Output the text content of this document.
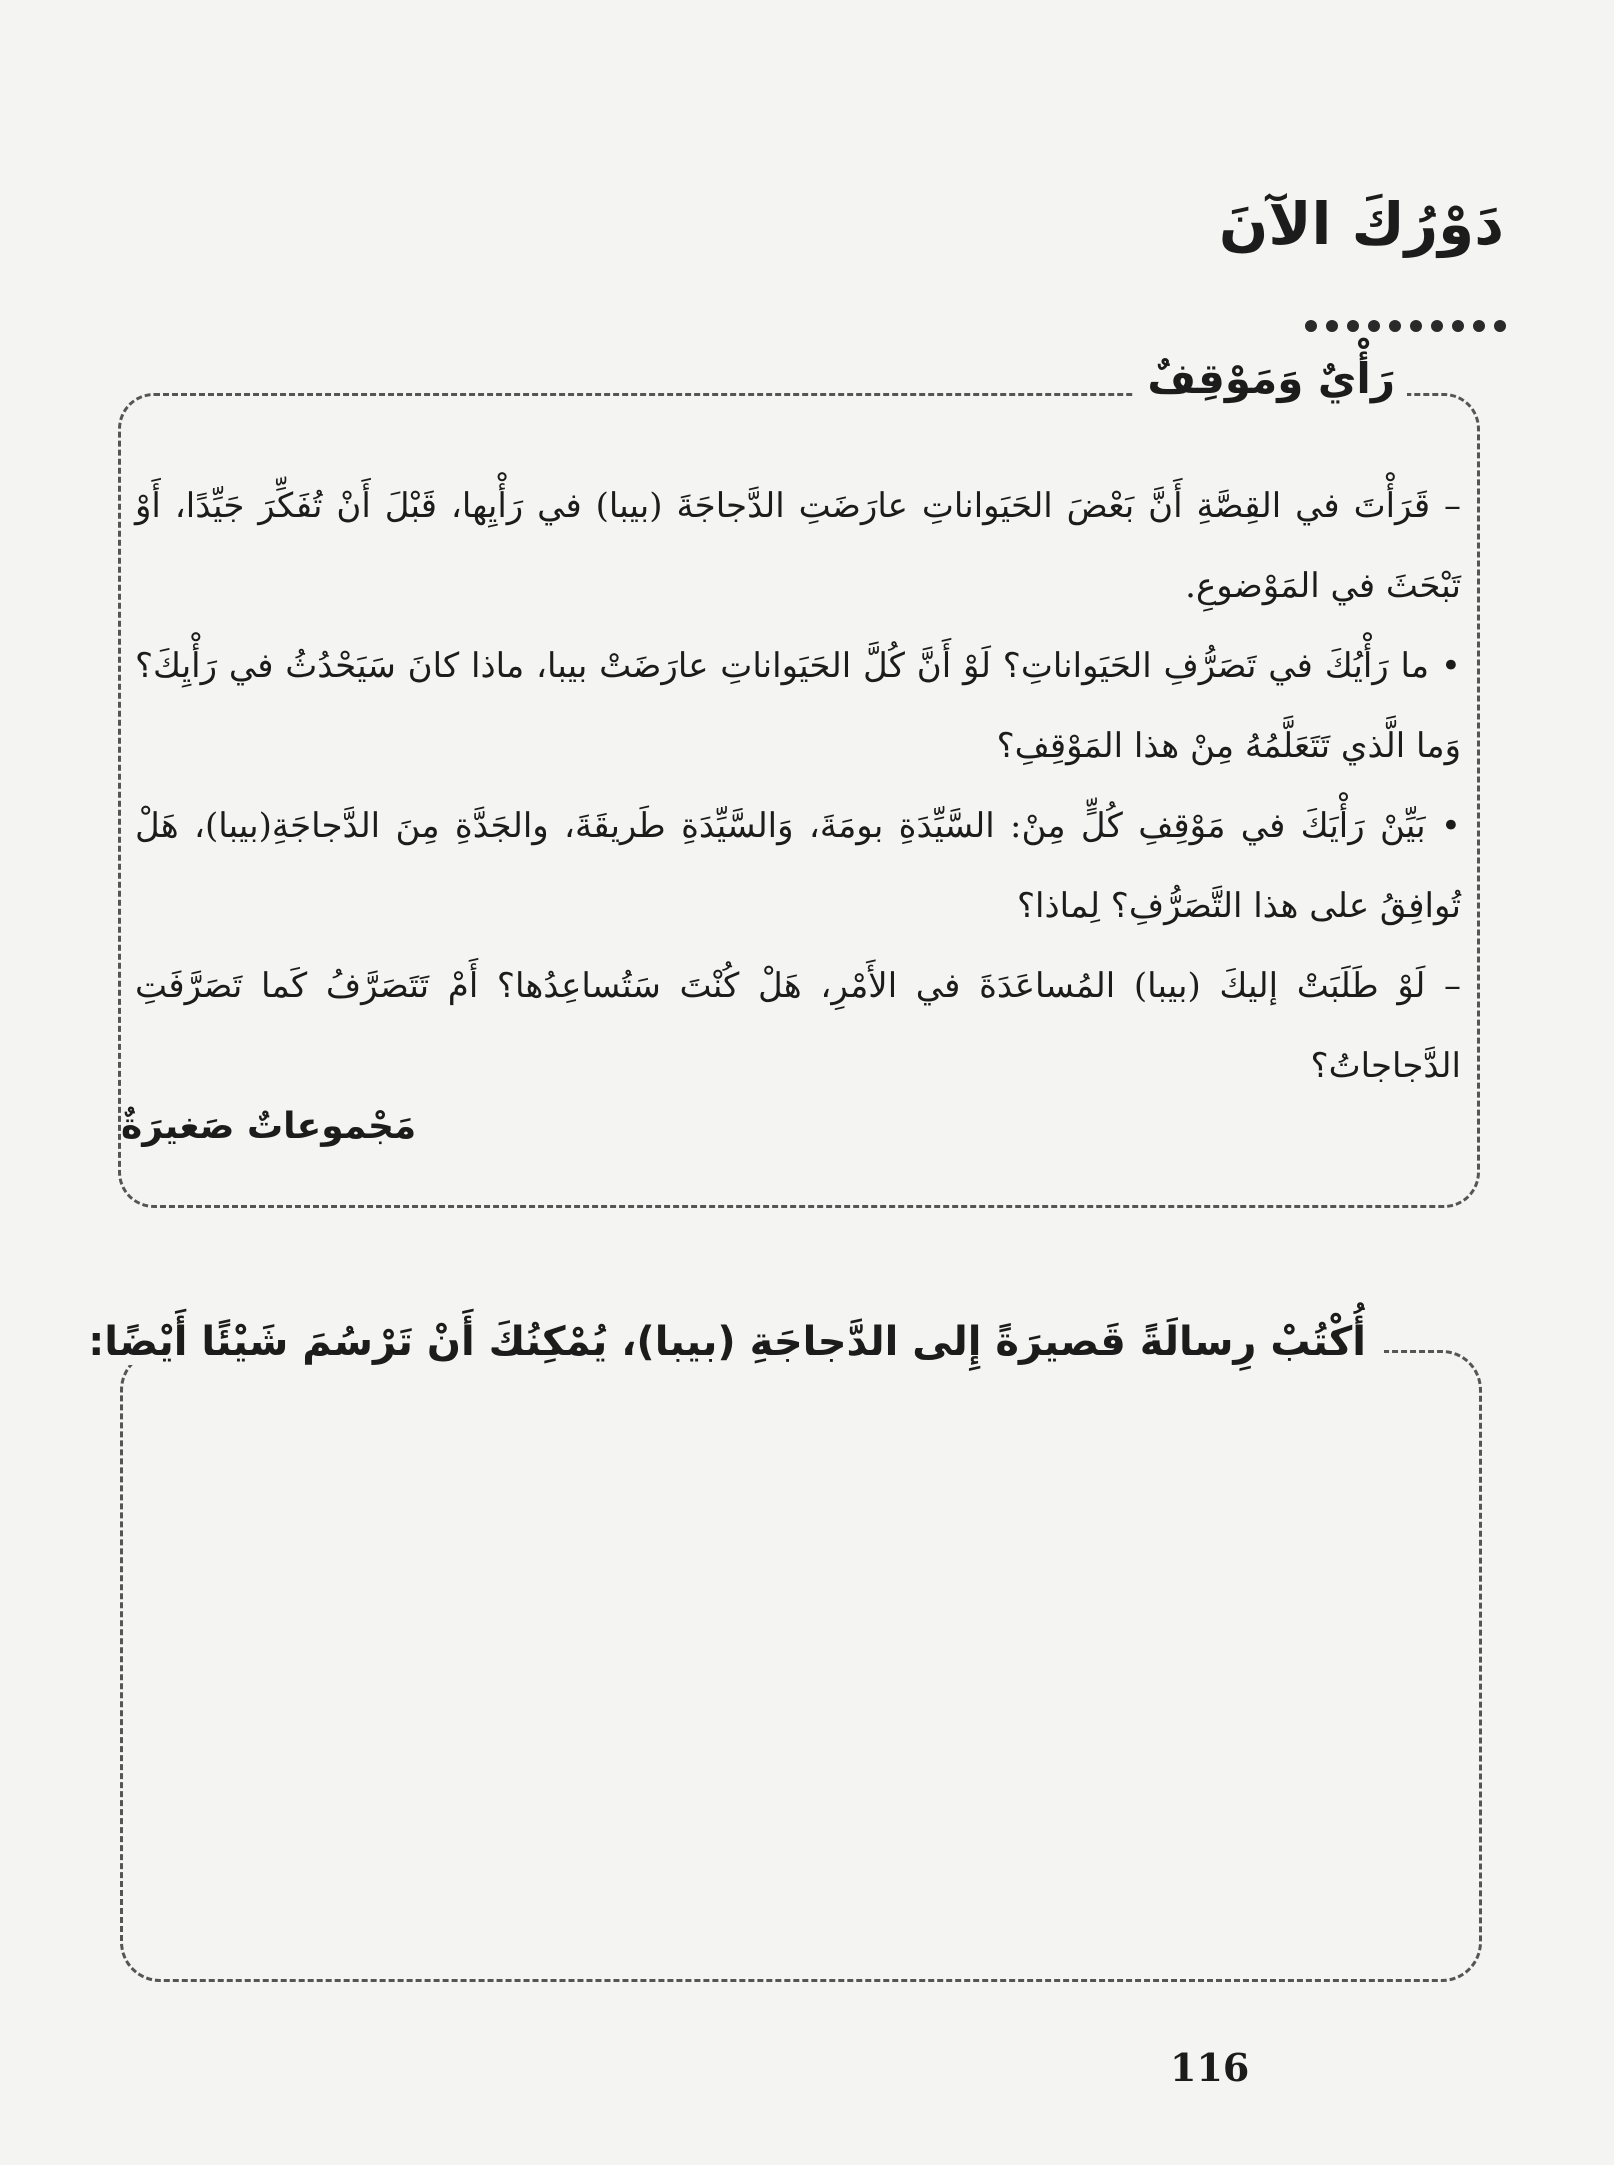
دَوْرُكَ الآنَ
رَأْيٌ وَمَوْقِفٌ

– قَرَأْتَ في القِصَّةِ أَنَّ بَعْضَ الحَيَواناتِ عارَضَتِ الدَّجاجَةَ (بيبا) في رَأْيِها، قَبْلَ أَنْ تُفَكِّرَ جَيِّدًا، أَوْ تَبْحَثَ في المَوْضوعِ.

• ما رَأْيُكَ في تَصَرُّفِ الحَيَواناتِ؟ لَوْ أَنَّ كُلَّ الحَيَواناتِ عارَضَتْ بيبا، ماذا كانَ سَيَحْدُثُ في رَأْيِكَ؟ وَما الَّذي تَتَعَلَّمُهُ مِنْ هذا المَوْقِفِ؟

• بَيِّنْ رَأْيَكَ في مَوْقِفِ كُلٍّ مِنْ: السَّيِّدَةِ بومَةَ، وَالسَّيِّدَةِ طَريقَةَ، والجَدَّةِ مِنَ الدَّجاجَةِ(بيبا)، هَلْ تُوافِقُ على هذا التَّصَرُّفِ؟ لِماذا؟

– لَوْ طَلَبَتْ إليكَ (بيبا) المُساعَدَةَ في الأَمْرِ، هَلْ كُنْتَ سَتُساعِدُها؟ أَمْ تَتَصَرَّفُ كَما تَصَرَّفَتِ الدَّجاجاتُ؟

مَجْموعاتٌ صَغيرَةٌ
أُكْتُبْ رِسالَةً قَصيرَةً إِلى الدَّجاجَةِ (بيبا)، يُمْكِنُكَ أَنْ تَرْسُمَ شَيْئًا أَيْضًا:
116
